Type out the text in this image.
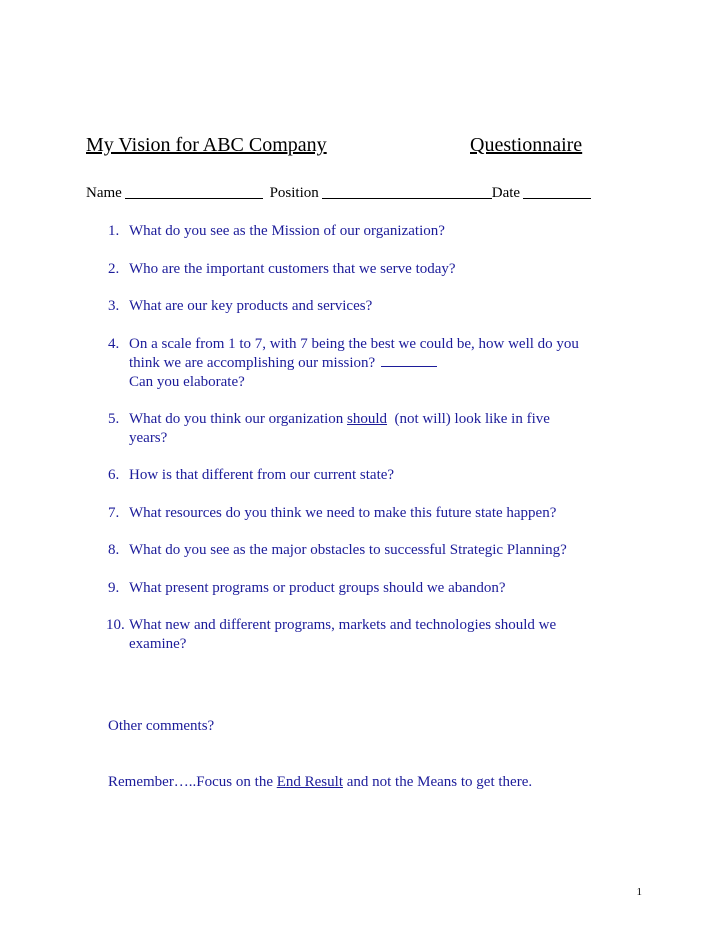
My Vision for ABC Company	Questionnaire
Name	Position	Date
1. What do you see as the Mission of our organization?
2. Who are the important customers that we serve today?
3. What are our key products and services?
4. On a scale from 1 to 7, with 7 being the best we could be, how well do you
think we are accomplishing our mission?
Can you elaborate?
5. What do you think our organization should (not will) look like in five
years?
6. How is that different from our current state?
7. What resources do you think we need to make this future state happen?
8. What do you see as the major obstacles to successful Strategic Planning?
9. What present programs or product groups should we abandon?
10. What new and different programs, markets and technologies should we
examine?
Other comments?
Remember…..Focus on the End Result and not the Means to get there.
1
